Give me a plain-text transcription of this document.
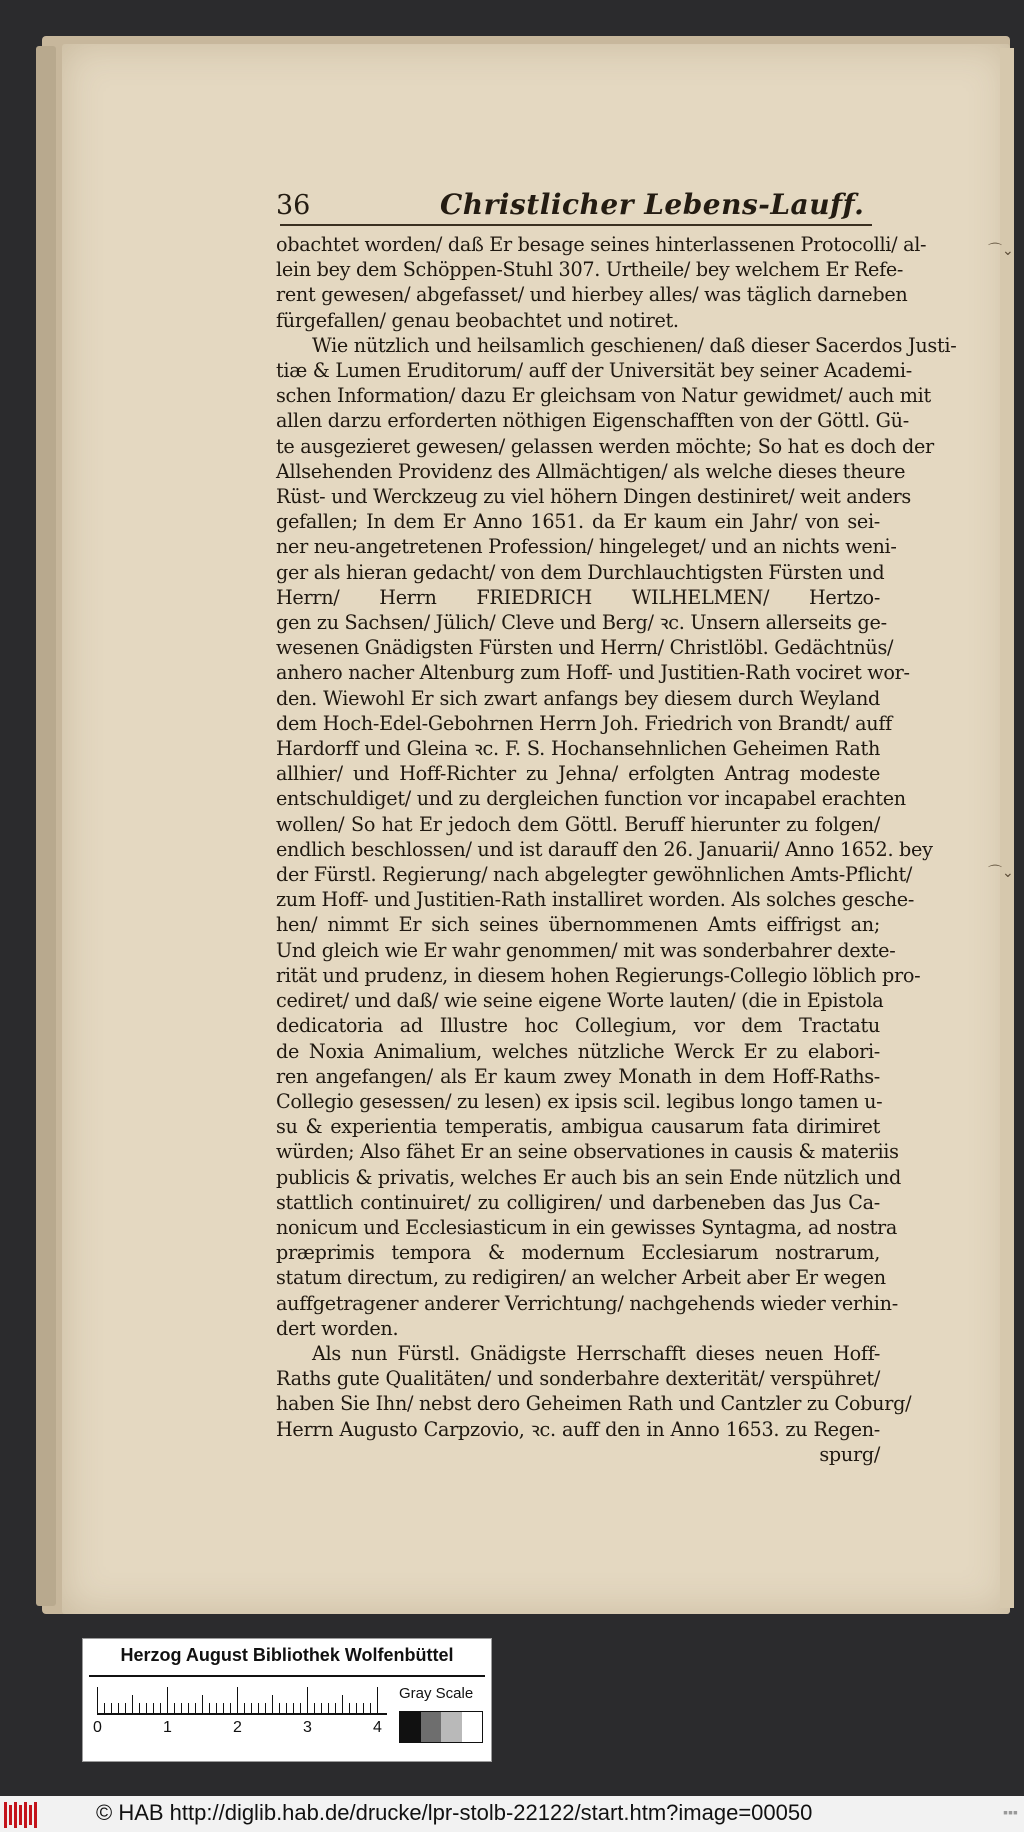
⌒⌄
⌒⌄
36	Christlicher Lebens-Lauff.
obachtet worden/ daß Er besage seines hinterlassenen Protocolli/ al-
lein bey dem Schöppen-Stuhl 307. Urtheile/ bey welchem Er Refe-
rent gewesen/ abgefasset/ und hierbey alles/ was täglich darneben
fürgefallen/ genau beobachtet und notiret.
Wie nützlich und heilsamlich geschienen/ daß dieser Sacerdos Justi-
tiæ & Lumen Eruditorum/ auff der Universität bey seiner Academi-
schen Information/ dazu Er gleichsam von Natur gewidmet/ auch mit
allen darzu erforderten nöthigen Eigenschafften von der Göttl. Gü-
te ausgezieret gewesen/ gelassen werden möchte; So hat es doch der
Allsehenden Providenz des Allmächtigen/ als welche dieses theure
Rüst- und Werckzeug zu viel höhern Dingen destiniret/ weit anders
gefallen; In dem Er Anno 1651. da Er kaum ein Jahr/ von sei-
ner neu-angetretenen Profession/ hingeleget/ und an nichts weni-
ger als hieran gedacht/ von dem Durchlauchtigsten Fürsten und
Herrn/ Herrn FRIEDRICH WILHELMEN/ Hertzo-
gen zu Sachsen/ Jülich/ Cleve und Berg/ ꝛc. Unsern allerseits ge-
wesenen Gnädigsten Fürsten und Herrn/ Christlöbl. Gedächtnüs/
anhero nacher Altenburg zum Hoff- und Justitien-Rath vociret wor-
den. Wiewohl Er sich zwart anfangs bey diesem durch Weyland
dem Hoch-Edel-Gebohrnen Herrn Joh. Friedrich von Brandt/ auff
Hardorff und Gleina ꝛc. F. S. Hochansehnlichen Geheimen Rath
allhier/ und Hoff-Richter zu Jehna/ erfolgten Antrag modeste
entschuldiget/ und zu dergleichen function vor incapabel erachten
wollen/ So hat Er jedoch dem Göttl. Beruff hierunter zu folgen/
endlich beschlossen/ und ist darauff den 26. Januarii/ Anno 1652. bey
der Fürstl. Regierung/ nach abgelegter gewöhnlichen Amts-Pflicht/
zum Hoff- und Justitien-Rath installiret worden. Als solches gesche-
hen/ nimmt Er sich seines übernommenen Amts eiffrigst an;
Und gleich wie Er wahr genommen/ mit was sonderbahrer dexte-
rität und prudenz, in diesem hohen Regierungs-Collegio löblich pro-
cediret/ und daß/ wie seine eigene Worte lauten/ (die in Epistola
dedicatoria ad Illustre hoc Collegium, vor dem Tractatu
de Noxia Animalium, welches nützliche Werck Er zu elabori-
ren angefangen/ als Er kaum zwey Monath in dem Hoff-Raths-
Collegio gesessen/ zu lesen) ex ipsis scil. legibus longo tamen u-
su & experientia temperatis, ambigua causarum fata dirimiret
würden; Also fähet Er an seine observationes in causis & materiis
publicis & privatis, welches Er auch bis an sein Ende nützlich und
stattlich continuiret/ zu colligiren/ und darbeneben das Jus Ca-
nonicum und Ecclesiasticum in ein gewisses Syntagma, ad nostra
præprimis tempora & modernum Ecclesiarum nostrarum,
statum directum, zu redigiren/ an welcher Arbeit aber Er wegen
auffgetragener anderer Verrichtung/ nachgehends wieder verhin-
dert worden.
Als nun Fürstl. Gnädigste Herrschafft dieses neuen Hoff-
Raths gute Qualitäten/ und sonderbahre dexterität/ verspühret/
haben Sie Ihn/ nebst dero Geheimen Rath und Cantzler zu Coburg/
Herrn Augusto Carpzovio, ꝛc. auff den in Anno 1653. zu Regen-
spurg/
Herzog August Bibliothek Wolfenbüttel
0	1	2	3	4
Gray Scale
© HAB http://diglib.hab.de/drucke/lpr-stolb-22122/start.htm?image=00050	▪▪▪
